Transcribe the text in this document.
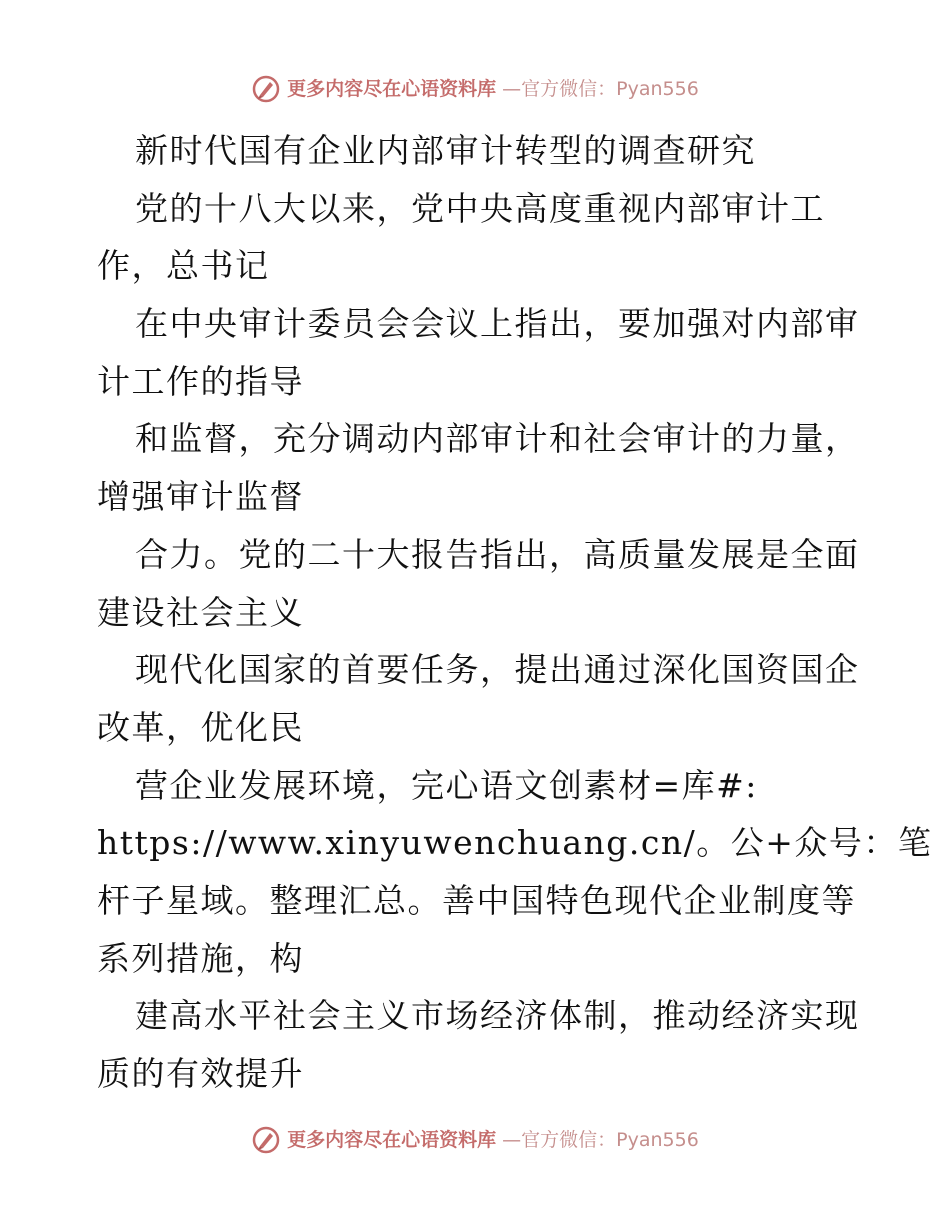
更多内容尽在心语资料库 —官方微信：Pyan556
新时代国有企业内部审计转型的调查研究
党的十八大以来，党中央高度重视内部审计工
作，总书记
在中央审计委员会会议上指出，要加强对内部审
计工作的指导
和监督，充分调动内部审计和社会审计的力量，
增强审计监督
合力。党的二十大报告指出，高质量发展是全面
建设社会主义
现代化国家的首要任务，提出通过深化国资国企
改革，优化民
营企业发展环境，完心语文创素材=库#:
https://www.xinyuwenchuang.cn/。公+众号：笔
杆子星域。整理汇总。善中国特色现代企业制度等
系列措施，构
建高水平社会主义市场经济体制，推动经济实现
质的有效提升
更多内容尽在心语资料库 —官方微信：Pyan556
